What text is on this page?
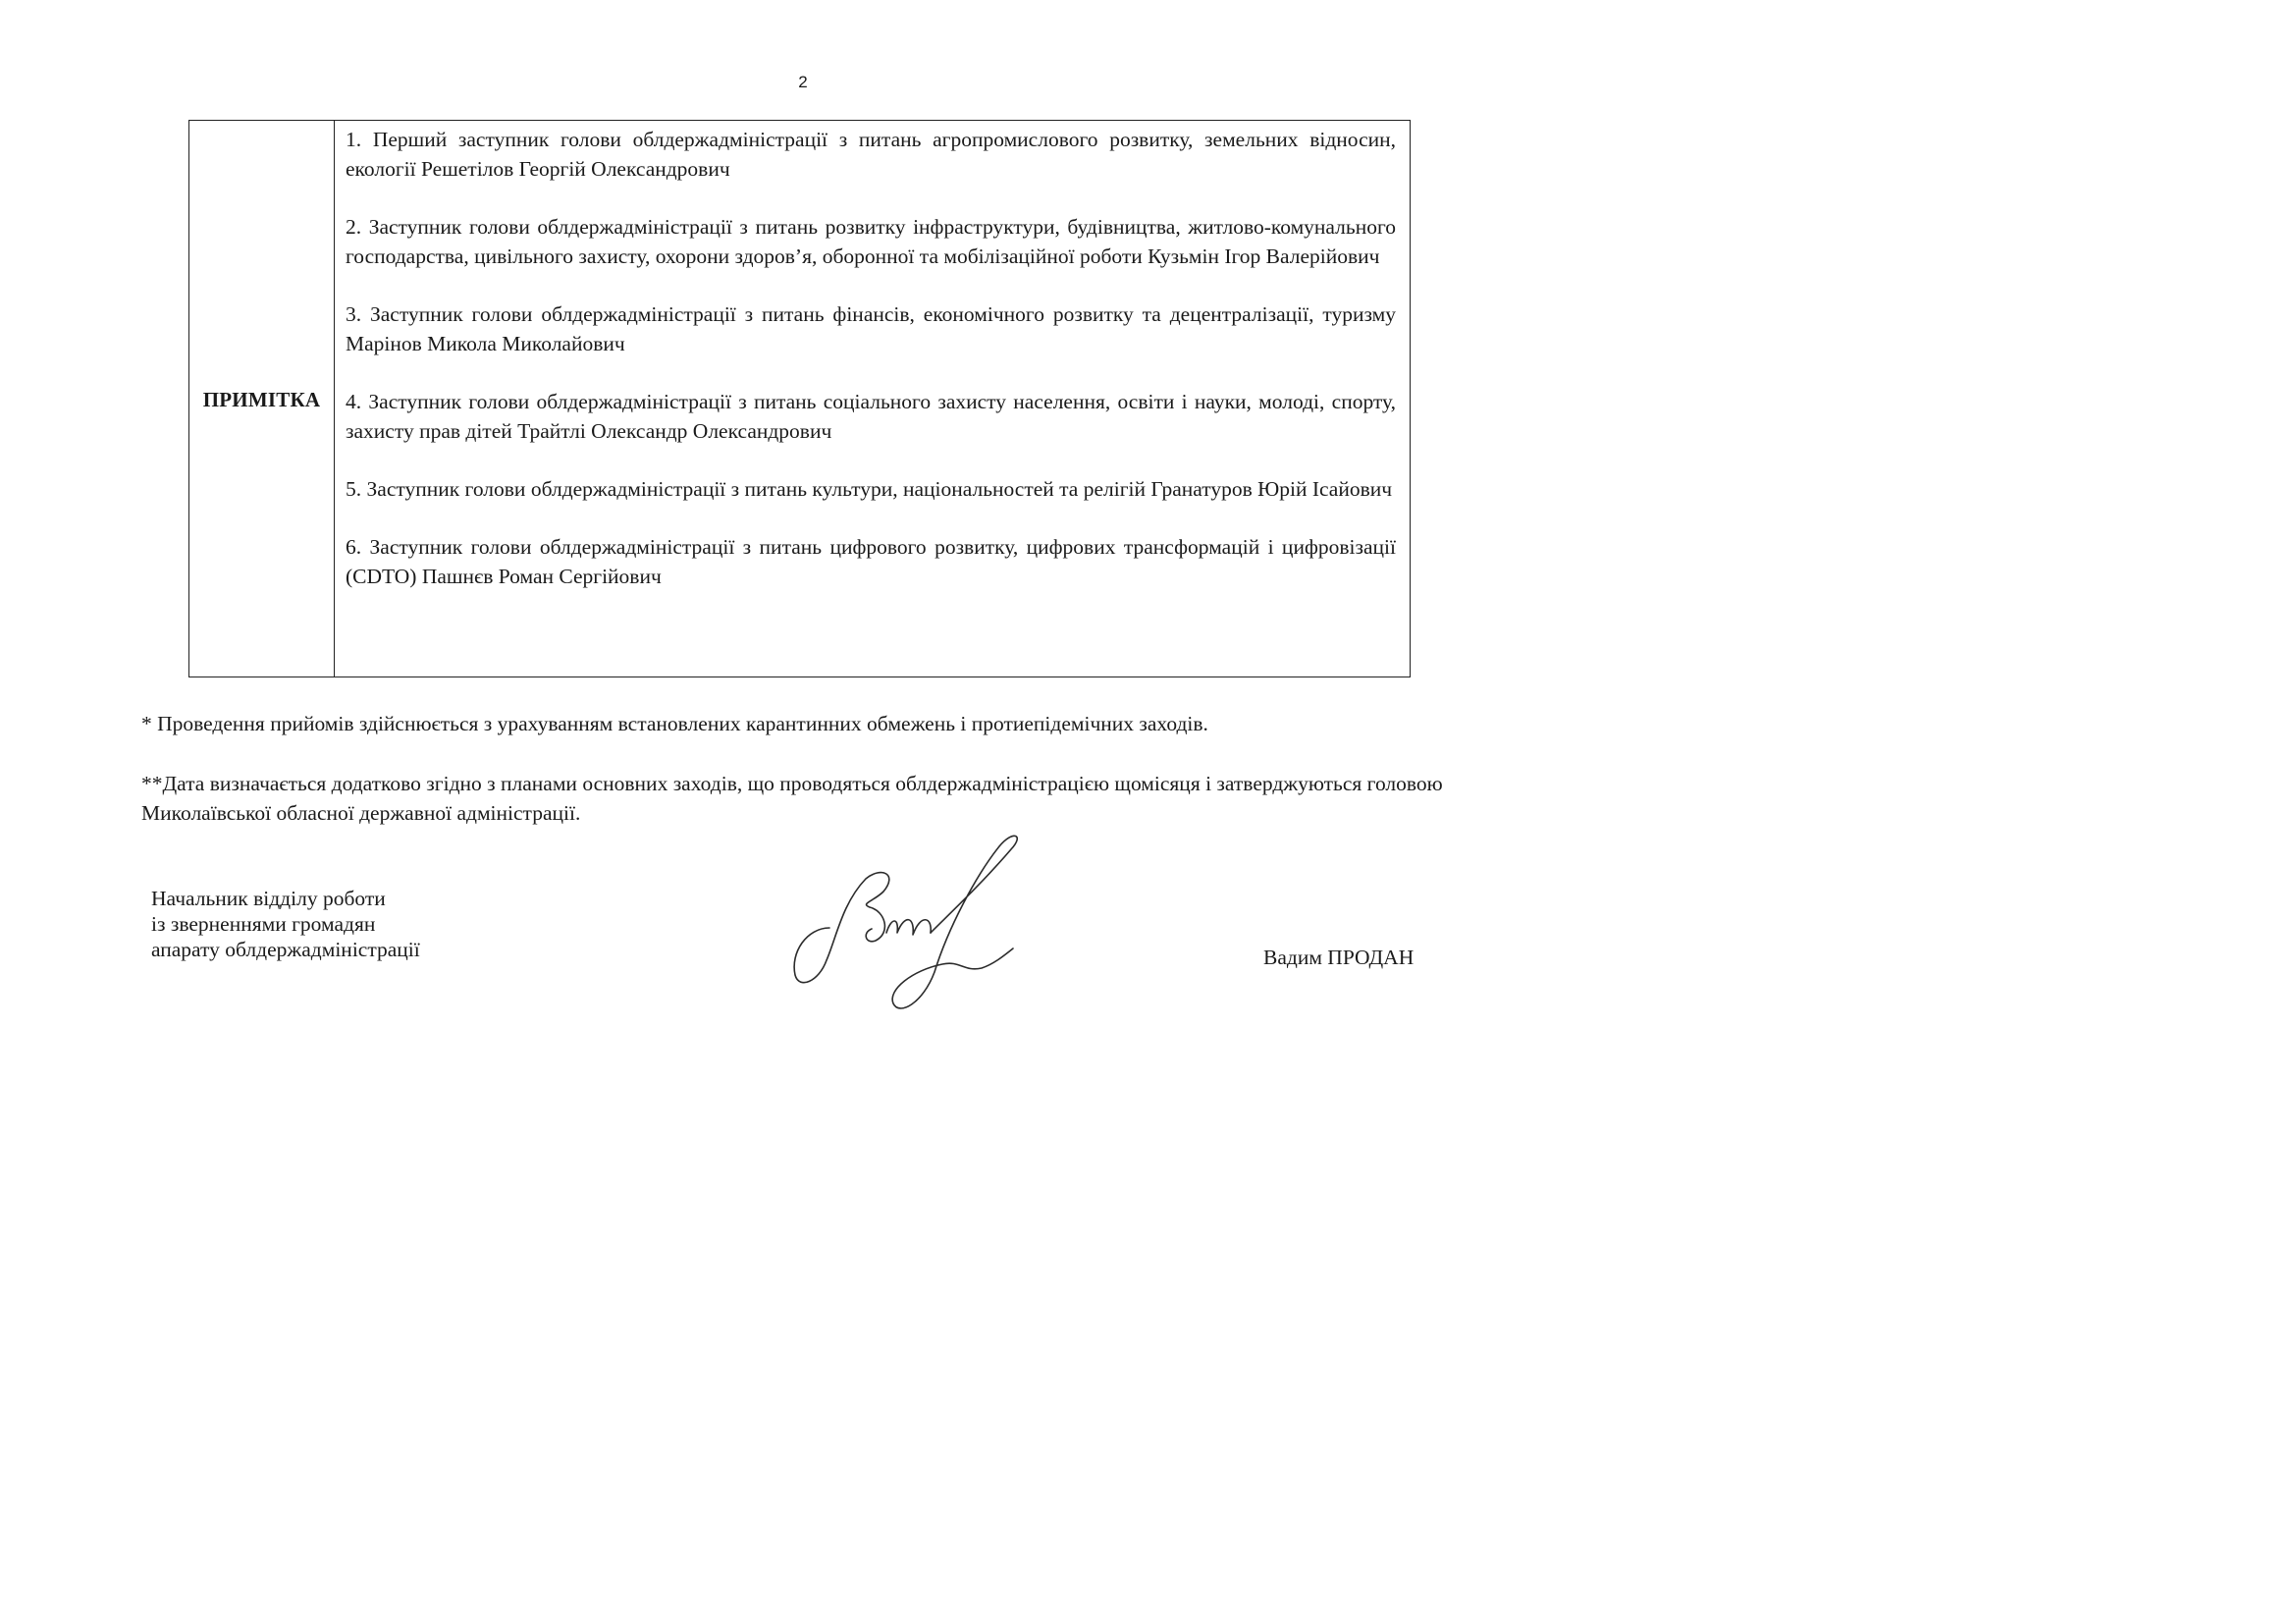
2
ПРИМІТКА

1. Перший заступник голови облдержадміністрації з питань агропромислового розвитку, земельних відносин, екології Решетілов Георгій Олександрович

2. Заступник голови облдержадміністрації з питань розвитку інфраструктури, будівництва, житлово-комунального господарства, цивільного захисту, охорони здоров’я, оборонної та мобілізаційної роботи Кузьмін Ігор Валерійович

3. Заступник голови облдержадміністрації з питань фінансів, економічного розвитку та децентралізації, туризму Марінов Микола Миколайович

4. Заступник голови облдержадміністрації з питань соціального захисту населення, освіти і науки, молоді, спорту, захисту прав дітей Трайтлі Олександр Олександрович

5. Заступник голови облдержадміністрації з питань культури, національностей та релігій Гранатуров Юрій Ісайович

6. Заступник голови облдержадміністрації з питань цифрового розвитку, цифрових трансформацій і цифровізації (CDTO) Пашнєв Роман Сергійович

* Проведення прийомів здійснюється з урахуванням встановлених карантинних обмежень і протиепідемічних заходів.

**Дата визначається додатково згідно з планами основних заходів, що проводяться облдержадміністрацією щомісяця і затверджуються головою Миколаївської обласної державної адміністрації.

Начальник відділу роботи
із зверненнями громадян
апарату облдержадміністрації	Вадим ПРОДАН
